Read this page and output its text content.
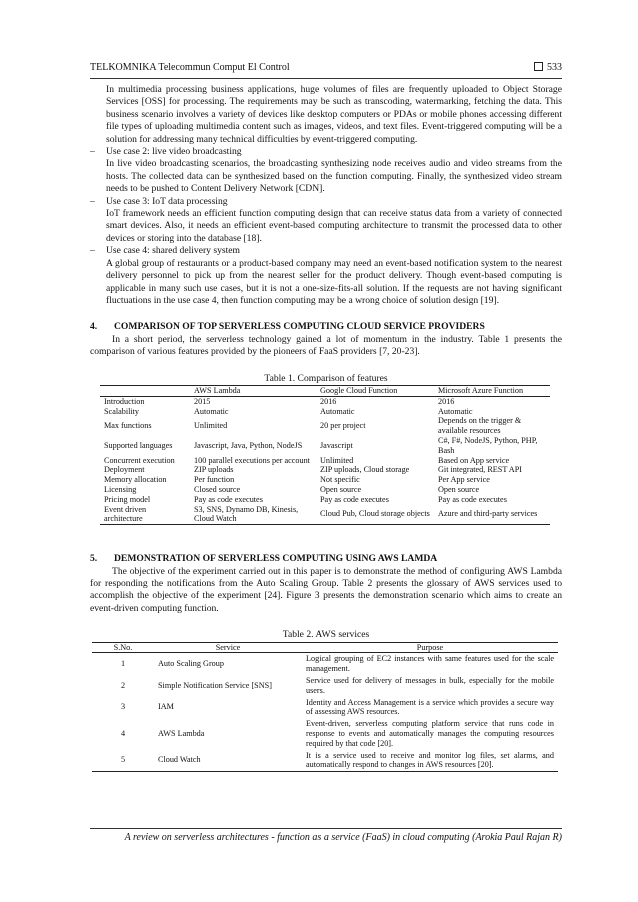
TELKOMNIKA Telecommun Comput El Control	533

In multimedia processing business applications, huge volumes of files are frequently uploaded to Object Storage Services [OSS] for processing. The requirements may be such as transcoding, watermarking, fetching the data. This business scenario involves a variety of devices like desktop computers or PDAs or mobile phones accessing different file types of uploading multimedia content such as images, videos, and text files. Event-triggered computing will be a solution for addressing many technical difficulties by event-triggered computing.

– Use case 2: live video broadcasting
In live video broadcasting scenarios, the broadcasting synthesizing node receives audio and video streams from the hosts. The collected data can be synthesized based on the function computing. Finally, the synthesized video stream needs to be pushed to Content Delivery Network [CDN].
– Use case 3: IoT data processing
IoT framework needs an efficient function computing design that can receive status data from a variety of connected smart devices. Also, it needs an efficient event-based computing architecture to transmit the processed data to other devices or storing into the database [18].
– Use case 4: shared delivery system
A global group of restaurants or a product-based company may need an event-based notification system to the nearest delivery personnel to pick up from the nearest seller for the product delivery. Though event-based computing is applicable in many such use cases, but it is not a one-size-fits-all solution. If the requests are not having significant fluctuations in the use case 4, then function computing may be a wrong choice of solution design [19].
4. COMPARISON OF TOP SERVERLESS COMPUTING CLOUD SERVICE PROVIDERS

In a short period, the serverless technology gained a lot of momentum in the industry. Table 1 presents the comparison of various features provided by the pioneers of FaaS providers [7, 20-23].

Table 1. Comparison of features
	AWS Lambda	Google Cloud Function	Microsoft Azure Function
Introduction	2015	2016	2016
Scalability	Automatic	Automatic	Automatic
Max functions	Unlimited	20 per project	Depends on the trigger & available resources
Supported languages	Javascript, Java, Python, NodeJS	Javascript	C#, F#, NodeJS, Python, PHP, Bash
Concurrent execution	100 parallel executions per account	Unlimited	Based on App service
Deployment	ZIP uploads	ZIP uploads, Cloud storage	Git integrated, REST API
Memory allocation	Per function	Not specific	Per App service
Licensing	Closed source	Open source	Open source
Pricing model	Pay as code executes	Pay as code executes	Pay as code executes
Event driven architecture	S3, SNS, Dynamo DB, Kinesis, Cloud Watch	Cloud Pub, Cloud storage objects	Azure and third-party services
5. DEMONSTRATION OF SERVERLESS COMPUTING USING AWS LAMDA

The objective of the experiment carried out in this paper is to demonstrate the method of configuring AWS Lambda for responding the notifications from the Auto Scaling Group. Table 2 presents the glossary of AWS services used to accomplish the objective of the experiment [24]. Figure 3 presents the demonstration scenario which aims to create an event-driven computing function.

Table 2. AWS services
S.No.	Service	Purpose
1	Auto Scaling Group	Logical grouping of EC2 instances with same features used for the scale management.
2	Simple Notification Service [SNS]	Service used for delivery of messages in bulk, especially for the mobile users.
3	IAM	Identity and Access Management is a service which provides a secure way of assessing AWS resources.
4	AWS Lambda	Event-driven, serverless computing platform service that runs code in response to events and automatically manages the computing resources required by that code [20].
5	Cloud Watch	It is a service used to receive and monitor log files, set alarms, and automatically respond to changes in AWS resources [20].
A review on serverless architectures - function as a service (FaaS) in cloud computing (Arokia Paul Rajan R)
